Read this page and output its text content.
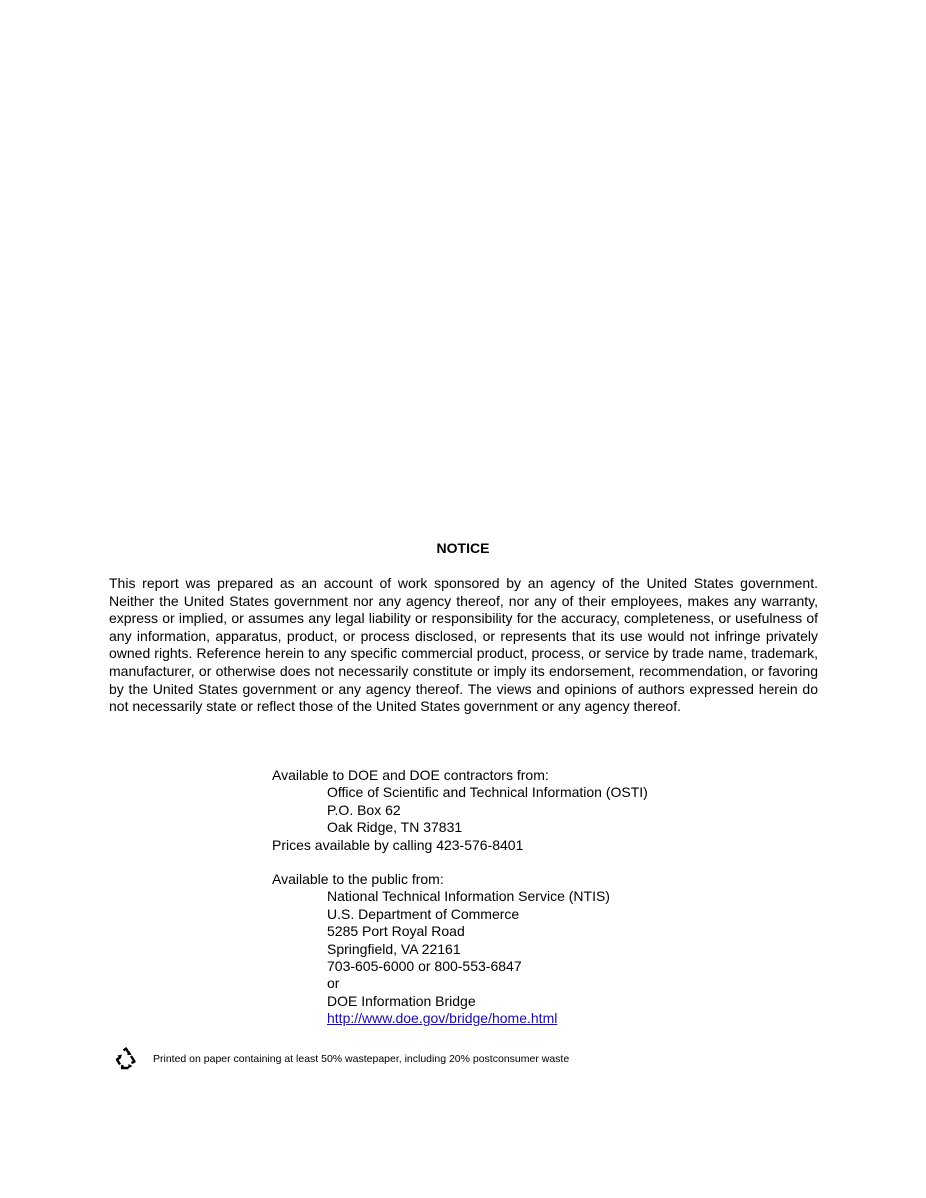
NOTICE

This report was prepared as an account of work sponsored by an agency of the United States government. Neither the United States government nor any agency thereof, nor any of their employees, makes any warranty, express or implied, or assumes any legal liability or responsibility for the accuracy, completeness, or usefulness of any information, apparatus, product, or process disclosed, or represents that its use would not infringe privately owned rights. Reference herein to any specific commercial product, process, or service by trade name, trademark, manufacturer, or otherwise does not necessarily constitute or imply its endorsement, recommendation, or favoring by the United States government or any agency thereof. The views and opinions of authors expressed herein do not necessarily state or reflect those of the United States government or any agency thereof.

Available to DOE and DOE contractors from:
Office of Scientific and Technical Information (OSTI)
P.O. Box 62
Oak Ridge, TN 37831
Prices available by calling 423-576-8401
Available to the public from:
National Technical Information Service (NTIS)
U.S. Department of Commerce
5285 Port Royal Road
Springfield, VA 22161
703-605-6000 or 800-553-6847
or
DOE Information Bridge
http://www.doe.gov/bridge/home.html
Printed on paper containing at least 50% wastepaper, including 20% postconsumer waste
